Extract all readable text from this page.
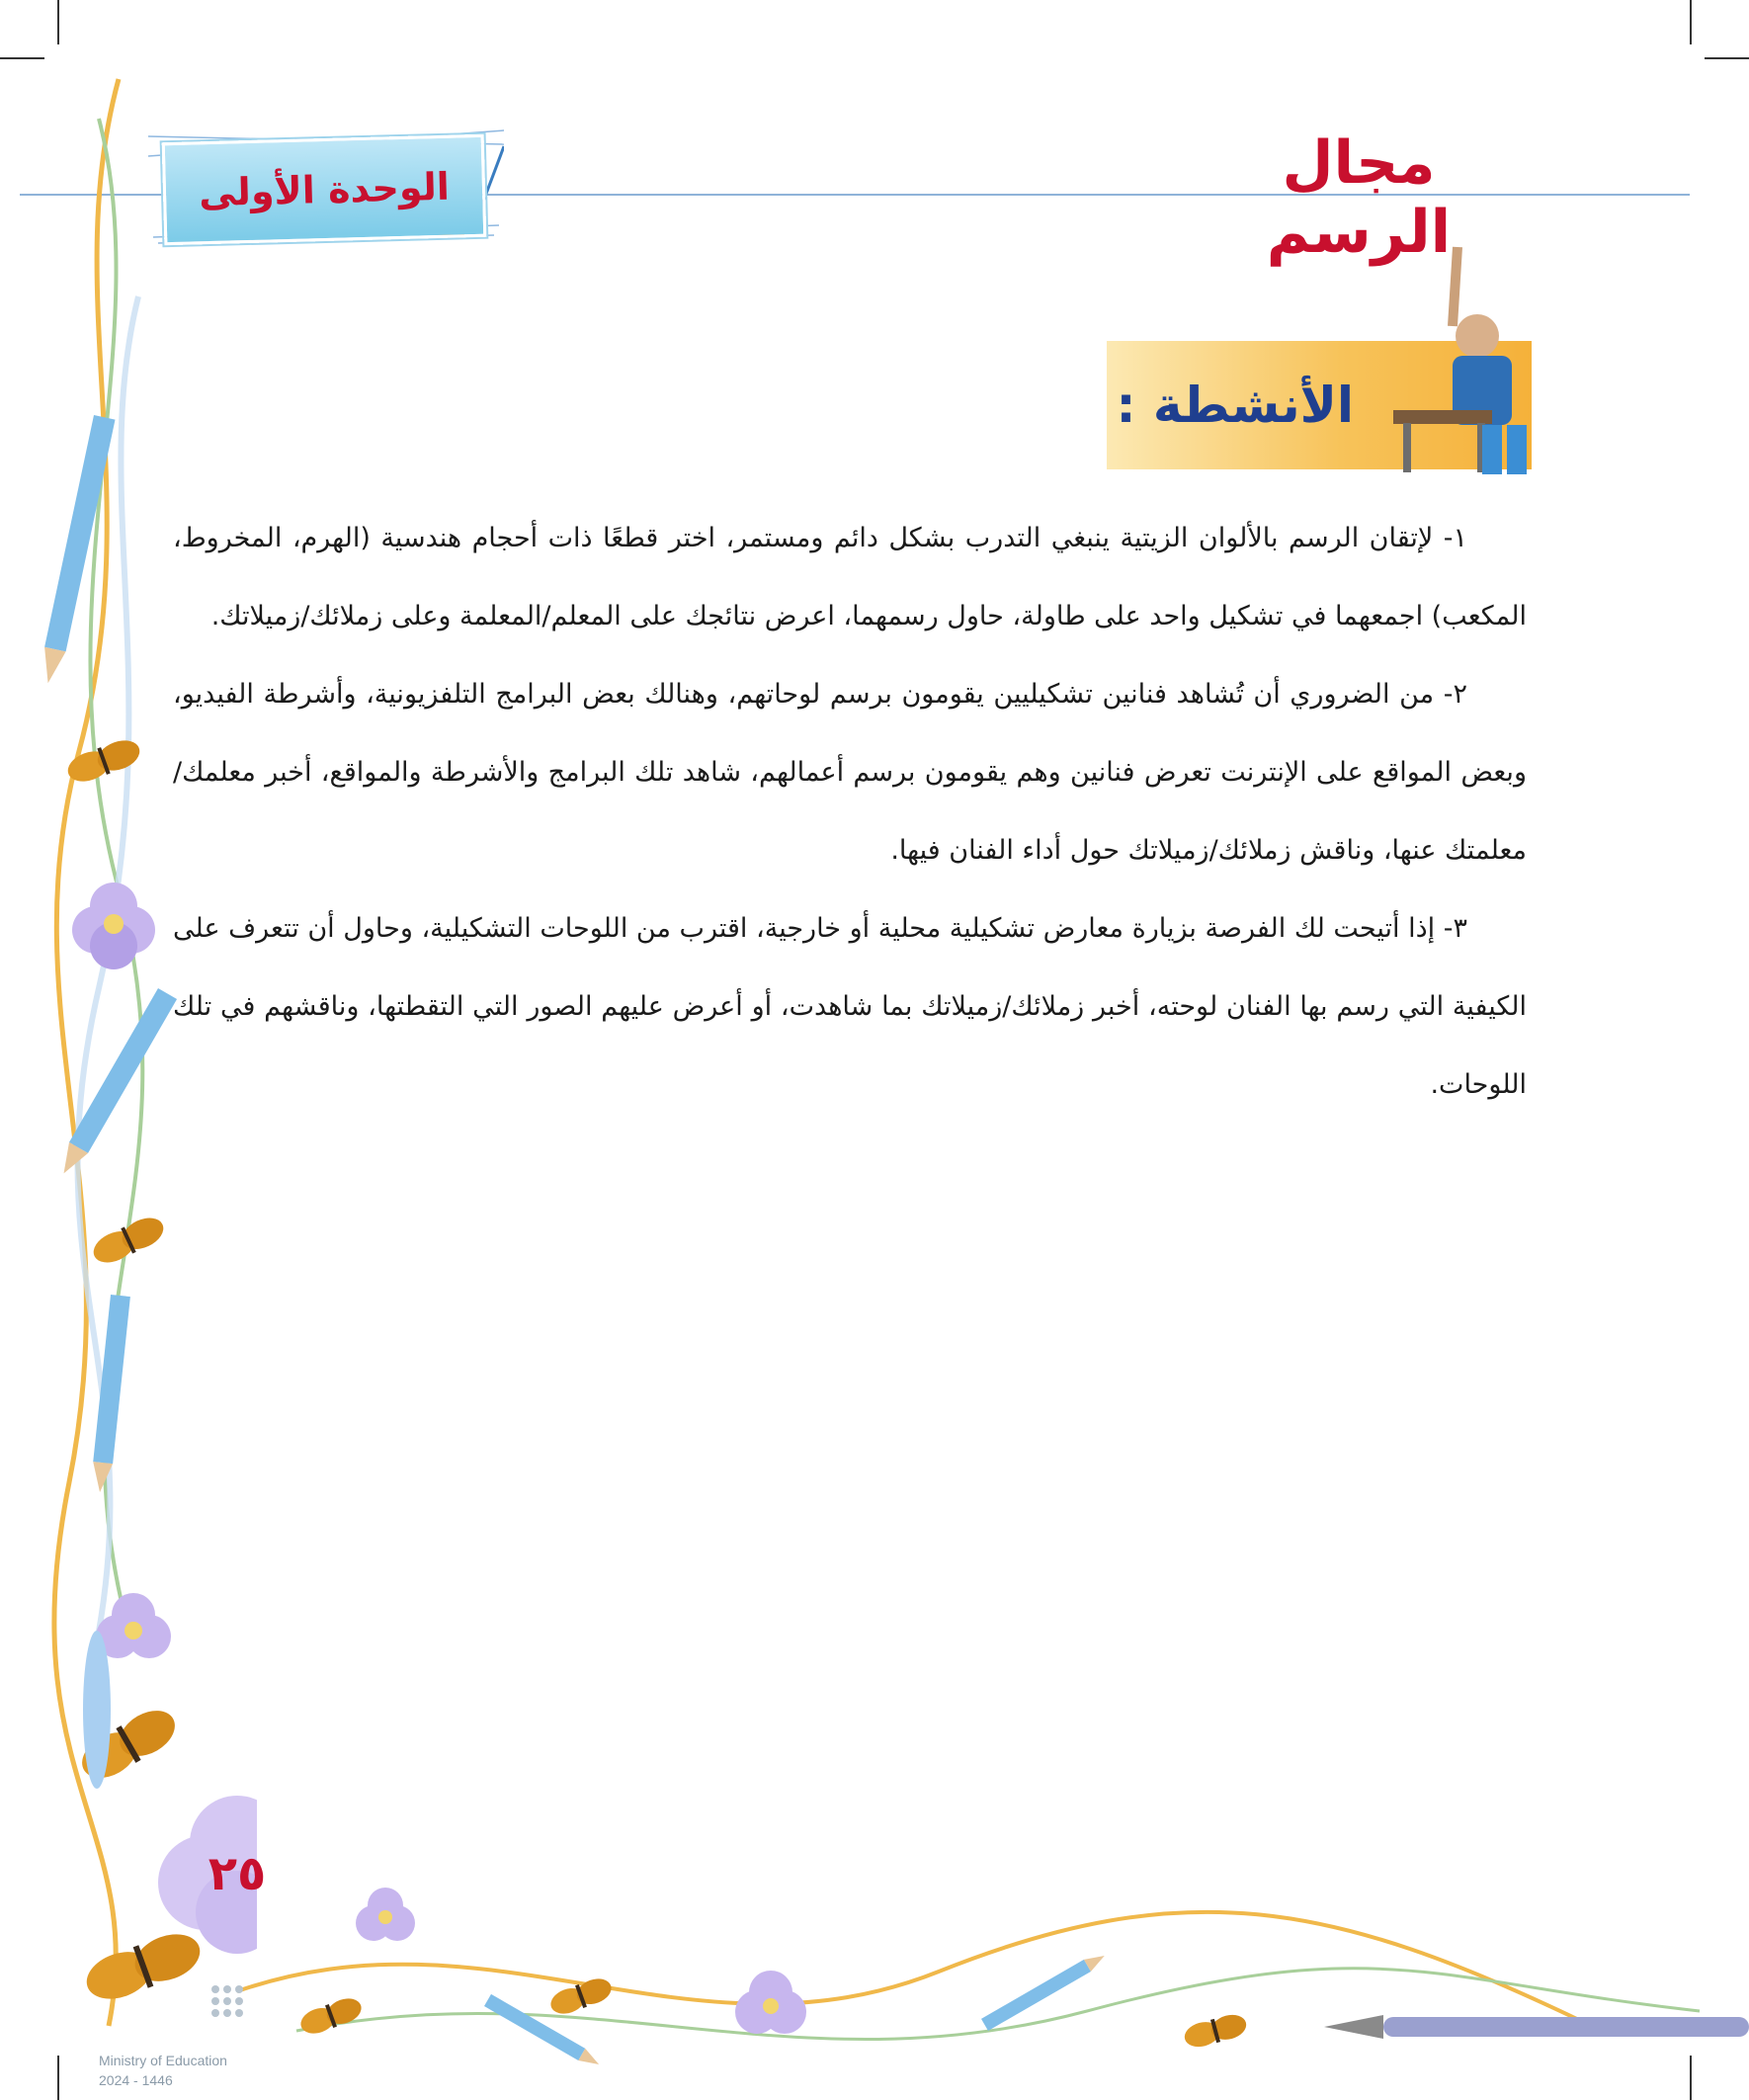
الوحدة الأولى	مجال الرسم
الأنشطة :

١- لإتقان الرسم بالألوان الزيتية ينبغي التدرب بشكل دائم ومستمر، اختر قطعًا ذات أحجام هندسية (الهرم، المخروط، المكعب) اجمعهما في تشكيل واحد على طاولة، حاول رسمهما، اعرض نتائجك على المعلم/المعلمة وعلى زملائك/زميلاتك.

٢- من الضروري أن تُشاهد فنانين تشكيليين يقومون برسم لوحاتهم، وهنالك بعض البرامج التلفزيونية، وأشرطة الفيديو، وبعض المواقع على الإنترنت تعرض فنانين وهم يقومون برسم أعمالهم، شاهد تلك البرامج والأشرطة والمواقع، أخبر معلمك/معلمتك عنها، وناقش زملائك/زميلاتك حول أداء الفنان فيها.

٣- إذا أتيحت لك الفرصة بزيارة معارض تشكيلية محلية أو خارجية، اقترب من اللوحات التشكيلية، وحاول أن تتعرف على الكيفية التي رسم بها الفنان لوحته، أخبر زملائك/زميلاتك بما شاهدت، أو أعرض عليهم الصور التي التقطتها، وناقشهم في تلك اللوحات.

٢٥
Ministry of Education
2024 - 1446
